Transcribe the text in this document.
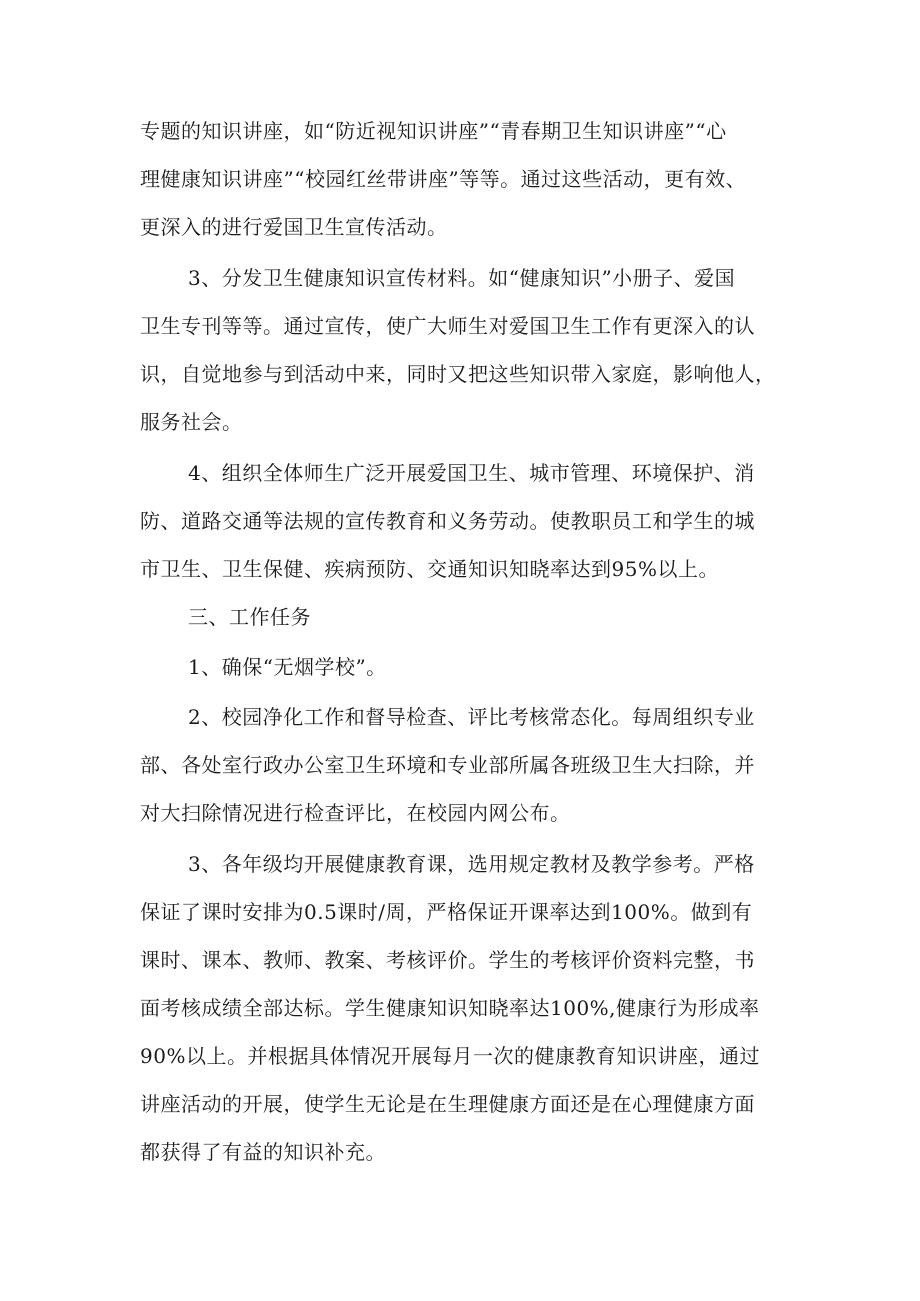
专题的知识讲座，如“防近视知识讲座”“青春期卫生知识讲座”“心
理健康知识讲座”“校园红丝带讲座”等等。通过这些活动，更有效、
更深入的进行爱国卫生宣传活动。
3、分发卫生健康知识宣传材料。如“健康知识”小册子、爱国
卫生专刊等等。通过宣传，使广大师生对爱国卫生工作有更深入的认
识，自觉地参与到活动中来，同时又把这些知识带入家庭，影响他人，
服务社会。
4、组织全体师生广泛开展爱国卫生、城市管理、环境保护、消
防、道路交通等法规的宣传教育和义务劳动。使教职员工和学生的城
市卫生、卫生保健、疾病预防、交通知识知晓率达到95%以上。
三、工作任务
1、确保“无烟学校”。
2、校园净化工作和督导检查、评比考核常态化。每周组织专业
部、各处室行政办公室卫生环境和专业部所属各班级卫生大扫除，并
对大扫除情况进行检查评比，在校园内网公布。
3、各年级均开展健康教育课，选用规定教材及教学参考。严格
保证了课时安排为0.5课时/周，严格保证开课率达到100%。做到有
课时、课本、教师、教案、考核评价。学生的考核评价资料完整，书
面考核成绩全部达标。学生健康知识知晓率达100%,健康行为形成率
90%以上。并根据具体情况开展每月一次的健康教育知识讲座，通过
讲座活动的开展，使学生无论是在生理健康方面还是在心理健康方面
都获得了有益的知识补充。
